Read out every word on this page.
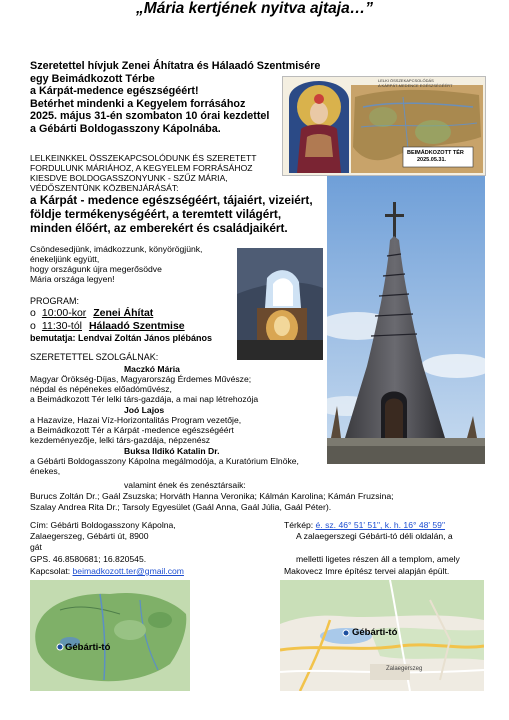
„Mária kertjének nyitva ajtaja…”
Szeretettel hívjuk Zenei Áhítatra és Hálaadó Szentmisére
egy Beimádkozott Térbe
a Kárpát-medence egészségéért!
Betérhet mindenki a Kegyelem forrásához
2025. május 31-én szombaton 10 órai kezdettel
a Gébárti Boldogasszony Kápolnába.
LELKI ÖSSZEKAPCSOLÓDÁS
A KÁRPÁT-MEDENCE EGÉSZSÉGÉÉRT
BEIMÁDKOZOTT TÉR
2025.05.31.
LELKEINKKEL ÖSSZEKAPCSOLÓDUNK ÉS SZERETETT
FORDULUNK MÁRIÁHOZ, A KEGYELEM FORRÁSÁHOZ
KIESDVE BOLDOGASSZONYUNK - SZŰZ MÁRIA,
VÉDŐSZENTÜNK KÖZBENJÁRÁSÁT:
a Kárpát - medence egészségéért, tájaiért, vizeiért,
földje termékenységéért, a teremtett világért,
minden élőért, az emberekért és családjaikért.
Csöndesedjünk, imádkozzunk, könyörögjünk,
énekeljünk együtt,
hogy országunk újra megerősödve
Mária országa legyen!
PROGRAM:
o 10:00-kor Zenei Áhítat
o 11:30-tól Hálaadó Szentmise
bemutatja: Lendvai Zoltán János plébános
SZERETETTEL SZOLGÁLNAK:
Maczkó Mária
Magyar Örökség-Díjas, Magyarország Érdemes Művésze;
népdal és népénekes előadóművész,
a Beimádkozott Tér lelki társ-gazdája, a mai nap létrehozója
Joó Lajos
a Hazavize, Hazai Víz-Horizontalitás Program vezetője,
a Beimádkozott Tér a Kárpát -medence egészségéért
kezdeményezője, lelki társ-gazdája, népzenész
Buksa Ildikó Katalin Dr.
a Gébárti Boldogasszony Kápolna megálmodója, a Kuratórium Elnöke,
énekes,
valamint ének és zenésztársaik:
Burucs Zoltán Dr.; Gaál Zsuzska; Horváth Hanna Veronika; Kálmán Karolina; Kámán Fruzsina;
Szalay Andrea Rita Dr.; Tarsoly Egyesület (Gaál Anna, Gaál Júlia, Gaál Péter).
Cím: Gébárti Boldogasszony Kápolna,
Zalaegerszeg, Gébárti út, 8900
gát
GPS. 46.8580681; 16.820545.
Kapcsolat: beimadkozott.ter@gmail.com
Térkép: é. sz. 46° 51' 51", k. h. 16° 48' 59"
A zalaegerszegi Gébárti-tó déli oldalán, a
melletti ligetes részen áll a templom, amely
Makovecz Imre építész tervei alapján épült.
Gébárti-tó
Gébárti-tó
Zalaegerszeg
